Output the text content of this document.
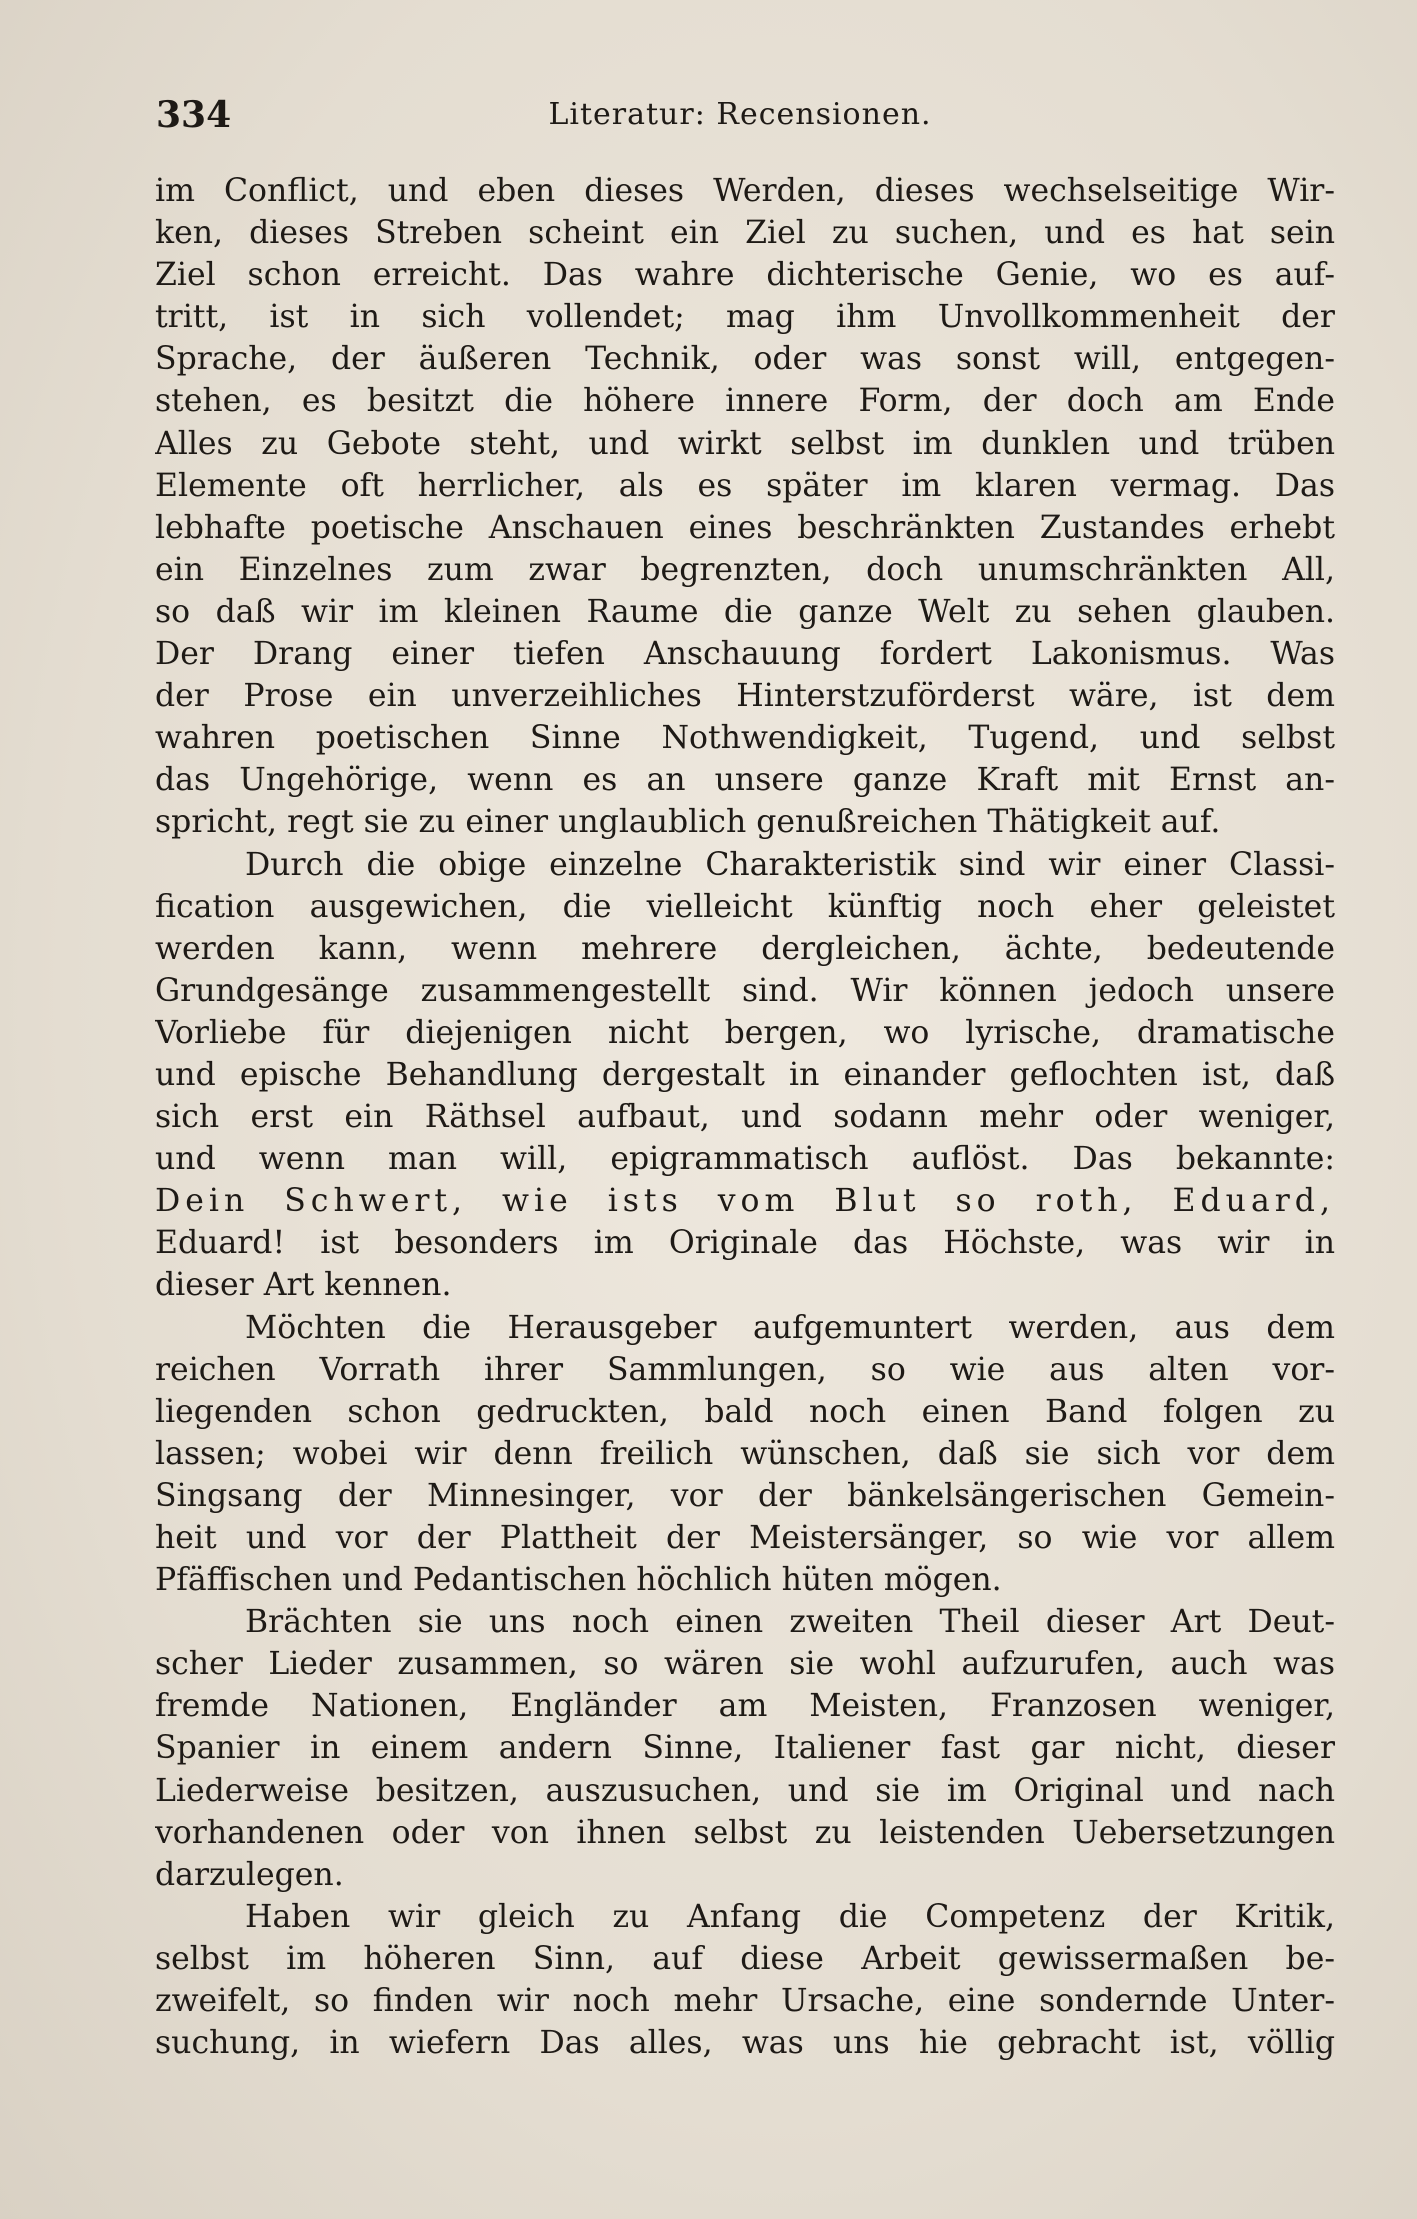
334	Literatur: Recensionen.
im Conflict, und eben dieses Werden, dieses wechselseitige Wir-
ken, dieses Streben scheint ein Ziel zu suchen, und es hat sein
Ziel schon erreicht. Das wahre dichterische Genie, wo es auf-
tritt, ist in sich vollendet; mag ihm Unvollkommenheit der
Sprache, der äußeren Technik, oder was sonst will, entgegen-
stehen, es besitzt die höhere innere Form, der doch am Ende
Alles zu Gebote steht, und wirkt selbst im dunklen und trüben
Elemente oft herrlicher, als es später im klaren vermag. Das
lebhafte poetische Anschauen eines beschränkten Zustandes erhebt
ein Einzelnes zum zwar begrenzten, doch unumschränkten All,
so daß wir im kleinen Raume die ganze Welt zu sehen glauben.
Der Drang einer tiefen Anschauung fordert Lakonismus. Was
der Prose ein unverzeihliches Hinterstzuförderst wäre, ist dem
wahren poetischen Sinne Nothwendigkeit, Tugend, und selbst
das Ungehörige, wenn es an unsere ganze Kraft mit Ernst an-
spricht, regt sie zu einer unglaublich genußreichen Thätigkeit auf.
Durch die obige einzelne Charakteristik sind wir einer Classi-
fication ausgewichen, die vielleicht künftig noch eher geleistet
werden kann, wenn mehrere dergleichen, ächte, bedeutende
Grundgesänge zusammengestellt sind. Wir können jedoch unsere
Vorliebe für diejenigen nicht bergen, wo lyrische, dramatische
und epische Behandlung dergestalt in einander geflochten ist, daß
sich erst ein Räthsel aufbaut, und sodann mehr oder weniger,
und wenn man will, epigrammatisch auflöst. Das bekannte:
Dein Schwert, wie ists vom Blut so roth, Eduard,
Eduard! ist besonders im Originale das Höchste, was wir in
dieser Art kennen.
Möchten die Herausgeber aufgemuntert werden, aus dem
reichen Vorrath ihrer Sammlungen, so wie aus alten vor-
liegenden schon gedruckten, bald noch einen Band folgen zu
lassen; wobei wir denn freilich wünschen, daß sie sich vor dem
Singsang der Minnesinger, vor der bänkelsängerischen Gemein-
heit und vor der Plattheit der Meistersänger, so wie vor allem
Pfäffischen und Pedantischen höchlich hüten mögen.
Brächten sie uns noch einen zweiten Theil dieser Art Deut-
scher Lieder zusammen, so wären sie wohl aufzurufen, auch was
fremde Nationen, Engländer am Meisten, Franzosen weniger,
Spanier in einem andern Sinne, Italiener fast gar nicht, dieser
Liederweise besitzen, auszusuchen, und sie im Original und nach
vorhandenen oder von ihnen selbst zu leistenden Uebersetzungen
darzulegen.
Haben wir gleich zu Anfang die Competenz der Kritik,
selbst im höheren Sinn, auf diese Arbeit gewissermaßen be-
zweifelt, so finden wir noch mehr Ursache, eine sondernde Unter-
suchung, in wiefern Das alles, was uns hie gebracht ist, völlig
